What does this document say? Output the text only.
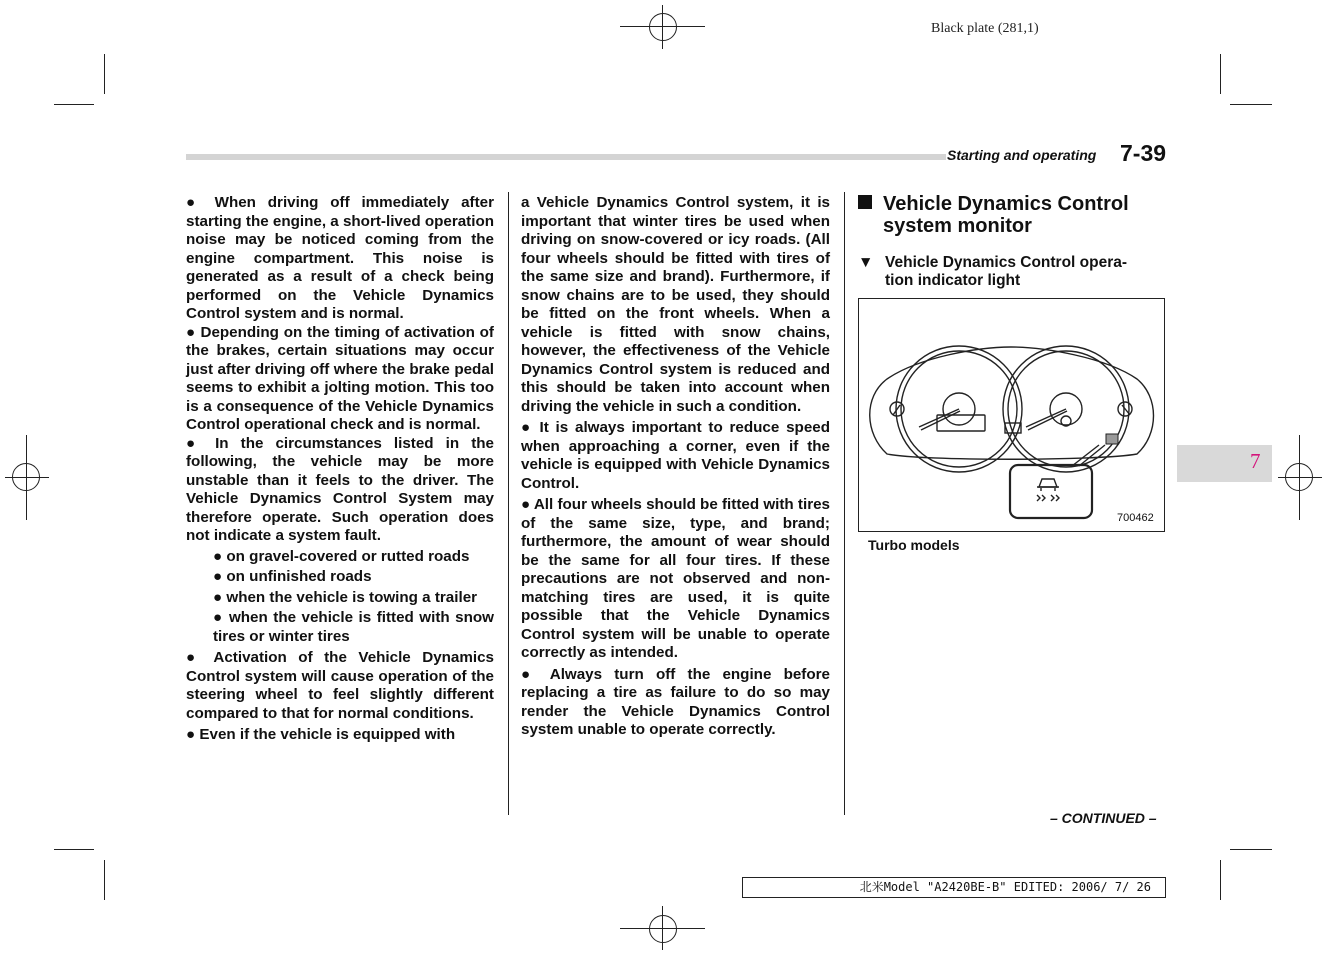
Black plate (281,1)
Starting and operating 7-39
7

● When driving off immediately after starting the engine, a short-lived operation noise may be noticed coming from the engine compartment. This noise is generated as a result of a check being performed on the Vehicle Dynamics Control system and is normal.

● Depending on the timing of activation of the brakes, certain situations may occur just after driving off where the brake pedal seems to exhibit a jolting motion. This too is a consequence of the Vehicle Dynamics Control operational check and is normal.

● In the circumstances listed in the following, the vehicle may be more unstable than it feels to the driver. The Vehicle Dynamics Control System may therefore operate. Such operation does not indicate a system fault.

● on gravel-covered or rutted roads

● on unfinished roads

● when the vehicle is towing a trailer

● when the vehicle is fitted with snow tires or winter tires

● Activation of the Vehicle Dynamics Control system will cause operation of the steering wheel to feel slightly different compared to that for normal conditions.

● Even if the vehicle is equipped with

a Vehicle Dynamics Control system, it is important that winter tires be used when driving on snow-covered or icy roads. (All four wheels should be fitted with tires of the same size and brand). Furthermore, if snow chains are to be used, they should be fitted on the front wheels. When a vehicle is fitted with snow chains, however, the effectiveness of the Vehicle Dynamics Control system is reduced and this should be taken into account when driving the vehicle in such a condition.

● It is always important to reduce speed when approaching a corner, even if the vehicle is equipped with Vehicle Dynamics Control.

● All four wheels should be fitted with tires of the same size, type, and brand; furthermore, the amount of wear should be the same for all four tires. If these precautions are not observed and non-matching tires are used, it is quite possible that the Vehicle Dynamics Control system will be unable to operate correctly as intended.

● Always turn off the engine before replacing a tire as failure to do so may render the Vehicle Dynamics Control system unable to operate correctly.

Vehicle Dynamics Control
system monitor
▼ Vehicle Dynamics Control opera-
tion indicator light
700462
Turbo models
– CONTINUED –
北米Model "A2420BE-B" EDITED: 2006/ 7/ 26
